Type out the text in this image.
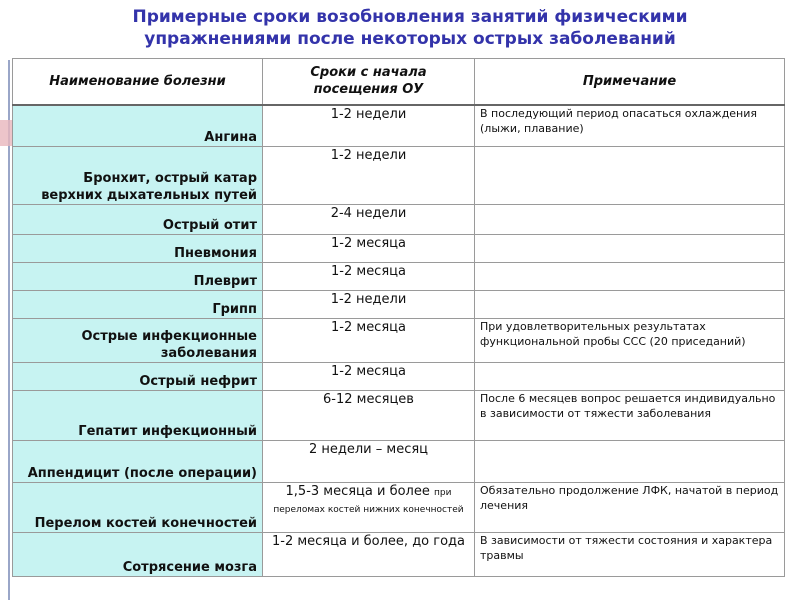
Примерные сроки возобновления занятий физическими
упражнениями после некоторых острых заболеваний
Наименование болезни	Сроки с начала посещения ОУ	Примечание
Ангина	1-2 недели	В последующий период опасаться охлаждения (лыжи, плавание)
Бронхит, острый катар верхних дыхательных путей	1-2 недели	
Острый отит	2-4 недели	
Пневмония	1-2 месяца	
Плеврит	1-2 месяца	
Грипп	1-2 недели	
Острые инфекционные заболевания	1-2 месяца	При удовлетворительных результатах функциональной пробы ССС (20 приседаний)
Острый нефрит	1-2 месяца	
Гепатит инфекционный	6-12 месяцев	После 6 месяцев вопрос решается индивидуально в зависимости от тяжести заболевания
Аппендицит (после операции)	2 недели – месяц	
Перелом костей конечностей	1,5-3 месяца и более при переломах костей нижних конечностей	Обязательно продолжение ЛФК, начатой в период лечения
Сотрясение мозга	1-2 месяца и более, до года	В зависимости от тяжести состояния и характера травмы
